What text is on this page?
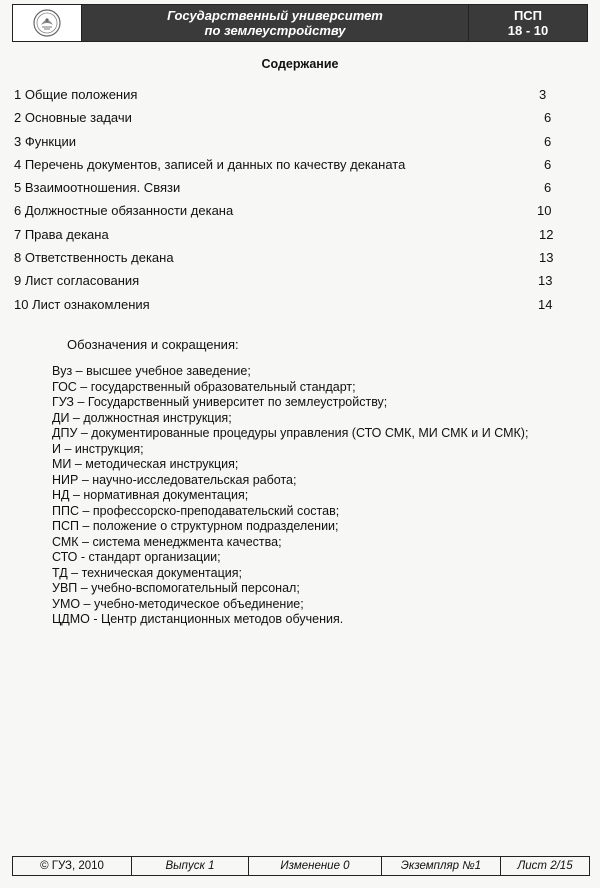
Государственный университет
по землеустройству
ПСП
18 - 10
Содержание
1 Общие положения	3
2 Основные задачи	6
3 Функции	6
4 Перечень документов, записей и данных по качеству деканата	6
5 Взаимоотношения. Связи	6
6 Должностные обязанности декана	10
7 Права декана	12
8 Ответственность декана	13
9 Лист согласования	13
10 Лист ознакомления	14
Обозначения и сокращения:
Вуз – высшее учебное заведение;
ГОС – государственный образовательный стандарт;
ГУЗ – Государственный университет по землеустройству;
ДИ – должностная инструкция;
ДПУ – документированные процедуры управления (СТО СМК, МИ СМК и И СМК);
И – инструкция;
МИ – методическая инструкция;
НИР – научно-исследовательская работа;
НД – нормативная документация;
ППС – профессорско-преподавательский состав;
ПСП – положение о структурном подразделении;
СМК – система менеджмента качества;
СТО - стандарт организации;
ТД – техническая документация;
УВП – учебно-вспомогательный персонал;
УМО – учебно-методическое объединение;
ЦДМО - Центр дистанционных методов обучения.
© ГУЗ, 2010	Выпуск 1	Изменение 0	Экземпляр №1	Лист 2/15
